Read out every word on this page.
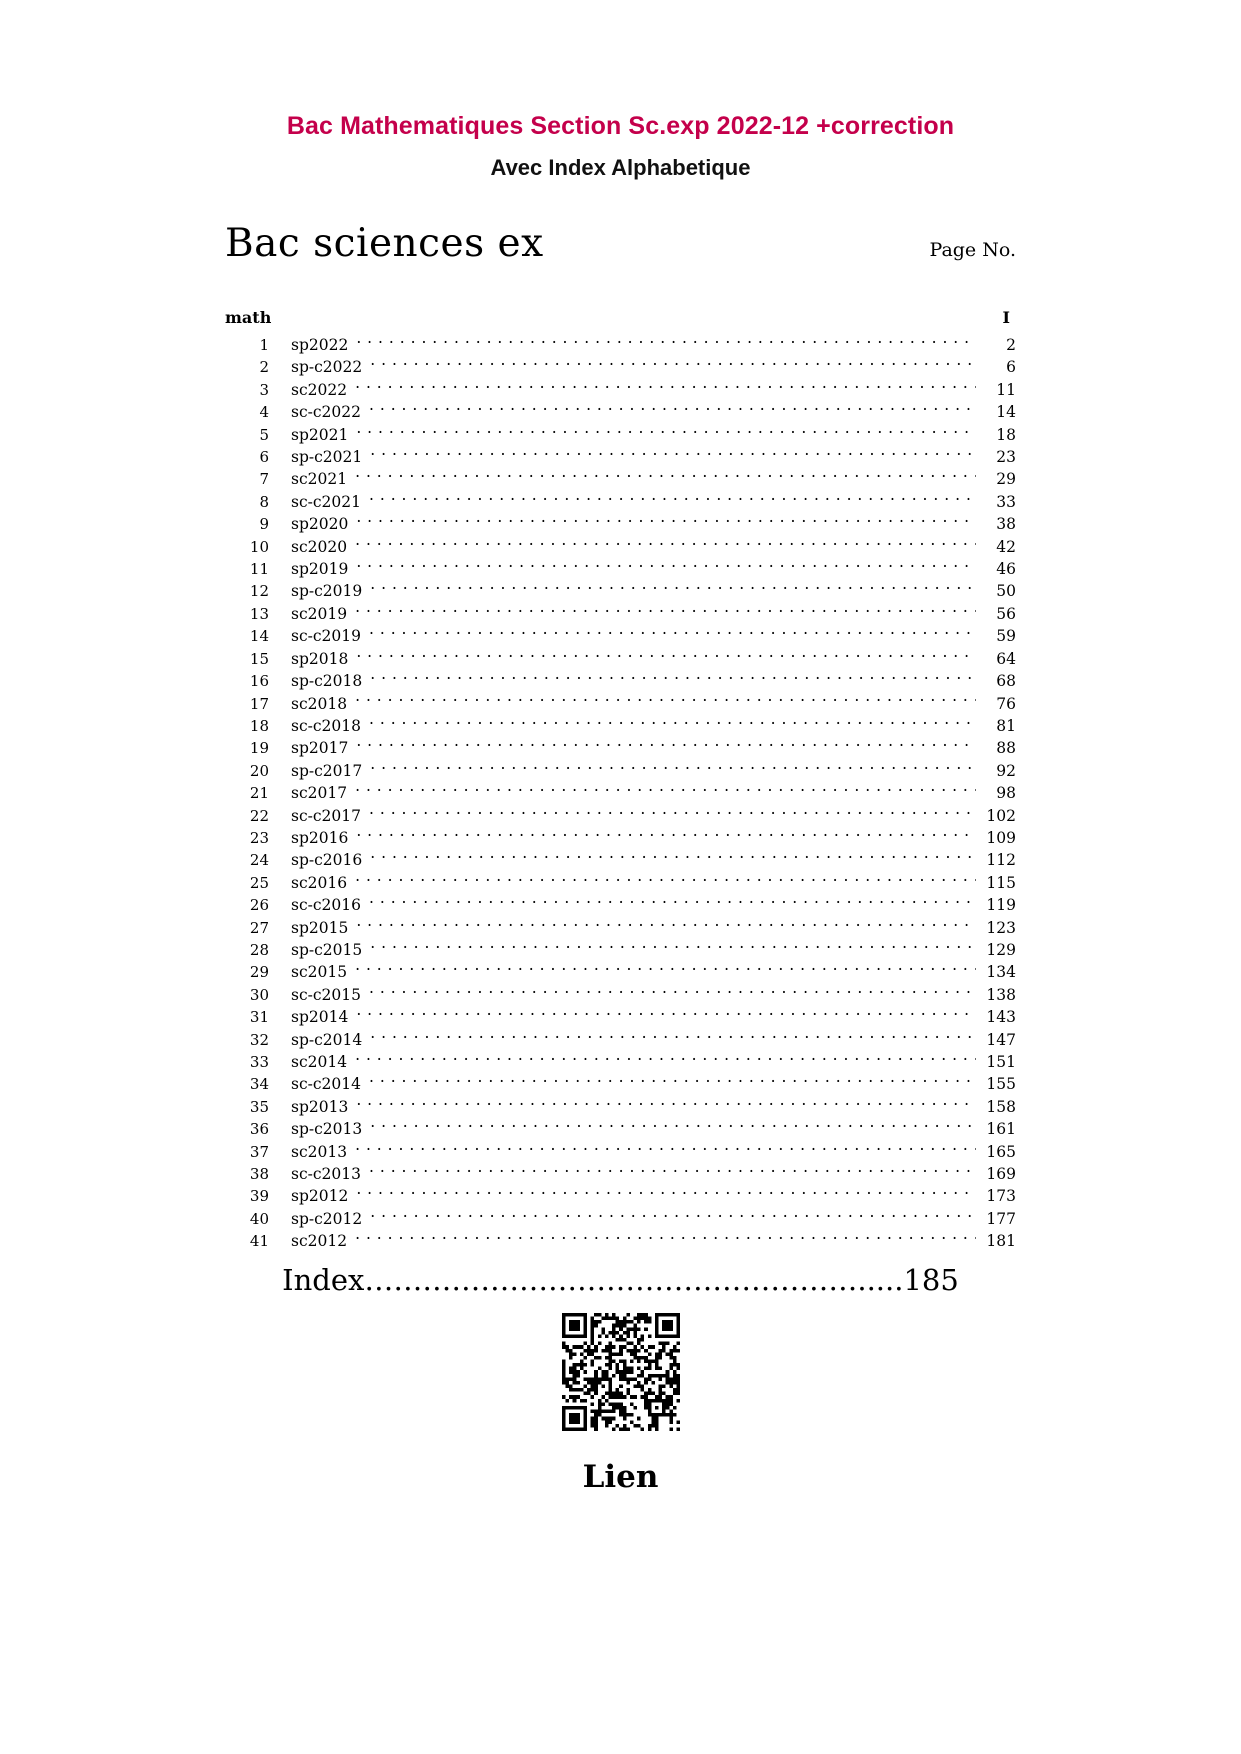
Bac Mathematiques Section Sc.exp 2022-12 +correction
Avec Index Alphabetique
Bac sciences ex	Page No.
math	I
1	sp2022 . . .	2
2	sp-c2022 . . .	6
3	sc2022 . . .	11
4	sc-c2022 . . .	14
5	sp2021 . . .	18
6	sp-c2021 . . .	23
7	sc2021 . . .	29
8	sc-c2021 . . .	33
9	sp2020 . . .	38
10	sc2020 . . .	42
11	sp2019 . . .	46
12	sp-c2019 . . .	50
13	sc2019 . . .	56
14	sc-c2019 . . .	59
15	sp2018 . . .	64
16	sp-c2018 . . .	68
17	sc2018 . . .	76
18	sc-c2018 . . .	81
19	sp2017 . . .	88
20	sp-c2017 . . .	92
21	sc2017 . . .	98
22	sc-c2017 . . .	102
23	sp2016 . . .	109
24	sp-c2016 . . .	112
25	sc2016 . . .	115
26	sc-c2016 . . .	119
27	sp2015 . . .	123
28	sp-c2015 . . .	129
29	sc2015 . . .	134
30	sc-c2015 . . .	138
31	sp2014 . . .	143
32	sp-c2014 . . .	147
33	sc2014 . . .	151
34	sc-c2014 . . .	155
35	sp2013 . . .	158
36	sp-c2013 . . .	161
37	sc2013 . . .	165
38	sc-c2013 . . .	169
39	sp2012 . . .	173
40	sp-c2012 . . .	177
41	sc2012 . . .	181
Index…………………………………………….....185
Lien
